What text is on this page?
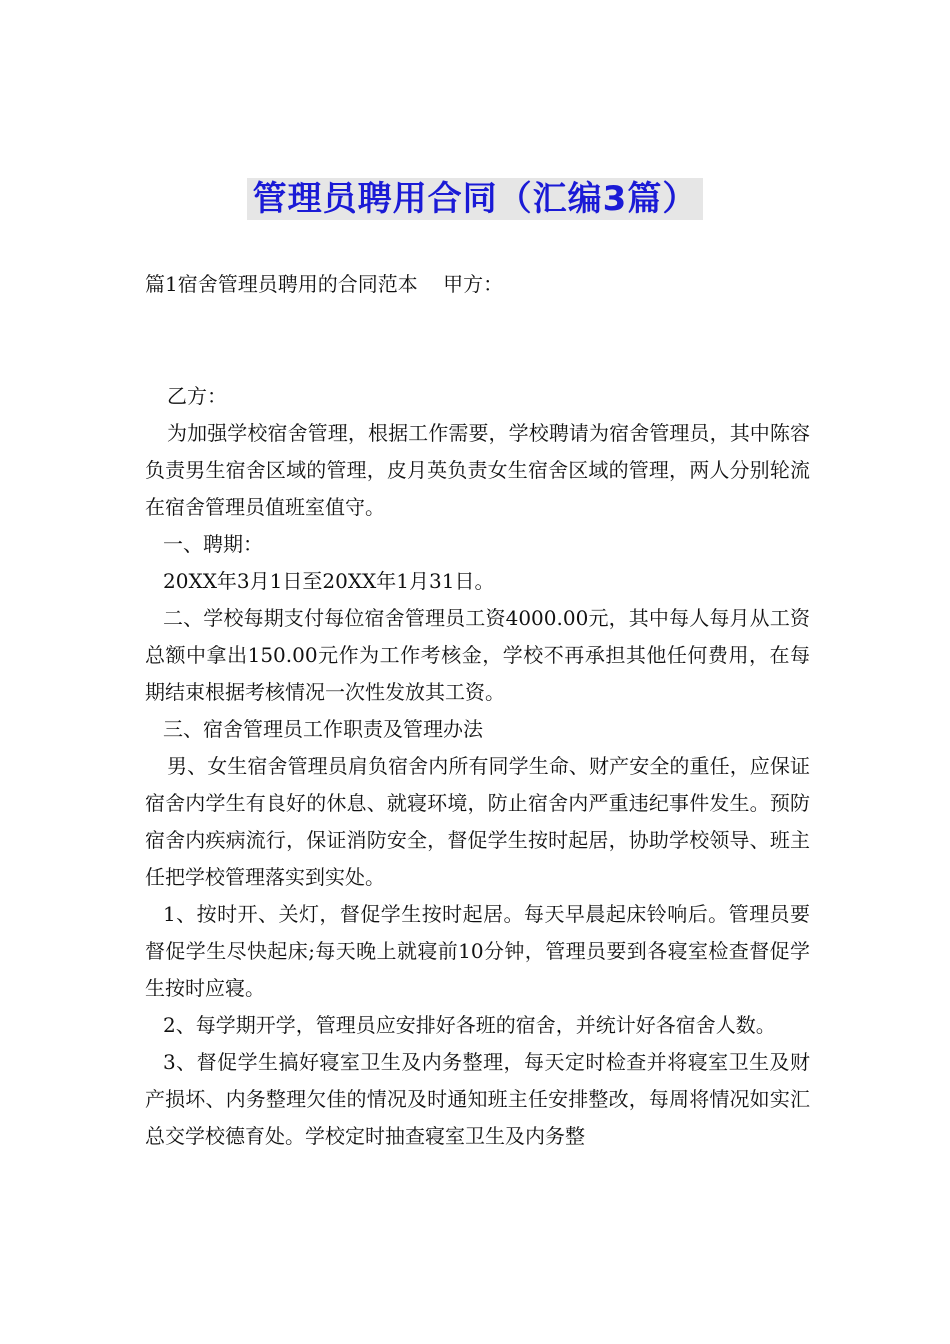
管理员聘用合同（汇编3篇）
篇1宿舍管理员聘用的合同范本    甲方：

乙方：

为加强学校宿舍管理，根据工作需要，学校聘请为宿舍管理员，其中陈容负责男生宿舍区域的管理，皮月英负责女生宿舍区域的管理，两人分别轮流在宿舍管理员值班室值守。

一、聘期：

20XX年3月1日至20XX年1月31日。

二、学校每期支付每位宿舍管理员工资4000.00元，其中每人每月从工资总额中拿出150.00元作为工作考核金，学校不再承担其他任何费用，在每期结束根据考核情况一次性发放其工资。

三、宿舍管理员工作职责及管理办法

男、女生宿舍管理员肩负宿舍内所有同学生命、财产安全的重任，应保证宿舍内学生有良好的休息、就寝环境，防止宿舍内严重违纪事件发生。预防宿舍内疾病流行，保证消防安全，督促学生按时起居，协助学校领导、班主任把学校管理落实到实处。

1、按时开、关灯，督促学生按时起居。每天早晨起床铃响后。管理员要督促学生尽快起床;每天晚上就寝前10分钟，管理员要到各寝室检查督促学生按时应寝。

2、每学期开学，管理员应安排好各班的宿舍，并统计好各宿舍人数。

3、督促学生搞好寝室卫生及内务整理，每天定时检查并将寝室卫生及财产损坏、内务整理欠佳的情况及时通知班主任安排整改，每周将情况如实汇总交学校德育处。学校定时抽查寝室卫生及内务整
